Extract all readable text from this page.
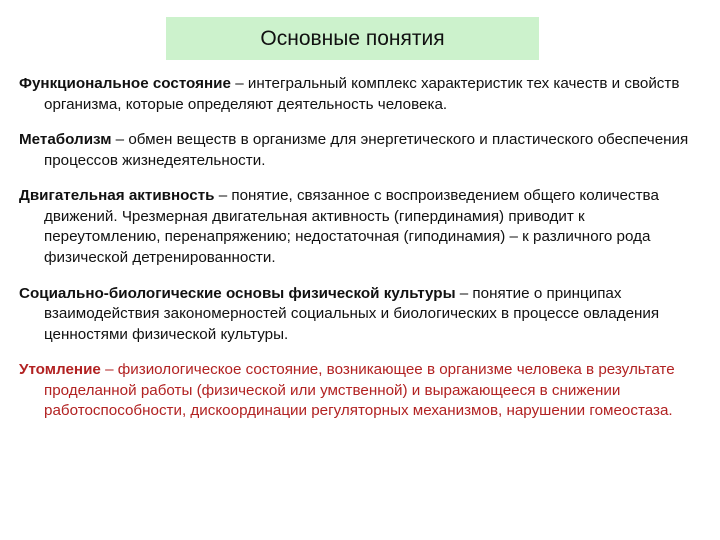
Основные понятия

Функциональное состояние – интегральный комплекс характеристик тех качеств и свойств организма, которые определяют деятельность человека.

Метаболизм – обмен веществ в организме для энергетического и пластического обеспечения процессов жизнедеятельности.

Двигательная активность – понятие, связанное с воспроизведением общего количества движений. Чрезмерная двигательная активность (гипердинамия) приводит к переутомлению, перенапряжению; недостаточная (гиподинамия) – к различного рода физической детренированности.

Социально-биологические основы физической культуры – понятие о принципах взаимодействия закономерностей социальных и биологических в процессе овладения ценностями физической культуры.

Утомление – физиологическое состояние, возникающее в организме человека в результате проделанной работы (физической или умственной) и выражающееся в снижении работоспособности, дискоординации регуляторных механизмов, нарушении гомеостаза.
